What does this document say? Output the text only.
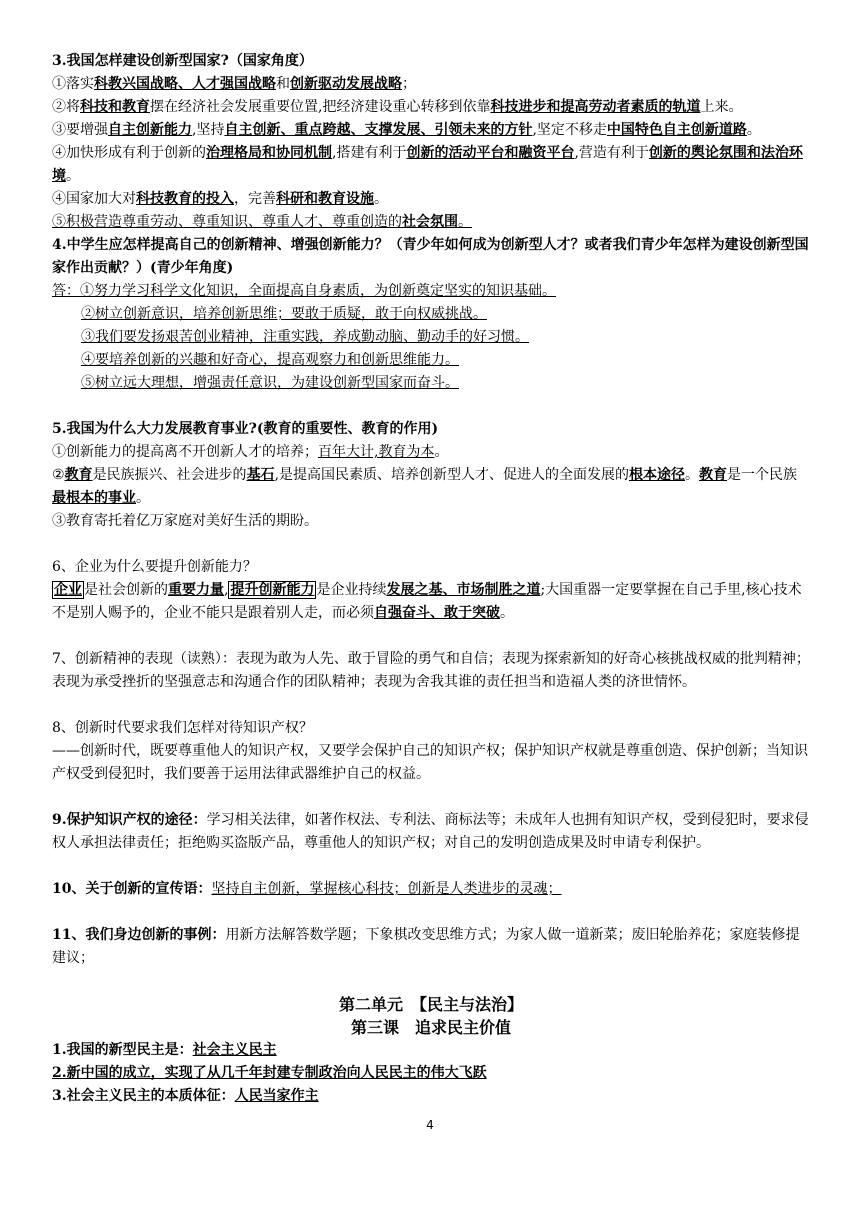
3.我国怎样建设创新型国家?（国家角度）

①落实科教兴国战略、人才强国战略和创新驱动发展战略；

②将科技和教育摆在经济社会发展重要位置,把经济建设重心转移到依靠科技进步和提高劳动者素质的轨道上来。

③要增强自主创新能力,坚持自主创新、重点跨越、支撑发展、引领未来的方针,坚定不移走中国特色自主创新道路。

④加快形成有利于创新的治理格局和协同机制,搭建有利于创新的活动平台和融资平台,营造有利于创新的舆论氛围和法治环境。

④国家加大对科技教育的投入，完善科研和教育设施。

⑤积极营造尊重劳动、尊重知识、尊重人才、尊重创造的社会氛围。

4.中学生应怎样提高自己的创新精神、增强创新能力？（青少年如何成为创新型人才？或者我们青少年怎样为建设创新型国家作出贡献？）(青少年角度)

答：①努力学习科学文化知识，全面提高自身素质，为创新奠定坚实的知识基础。

②树立创新意识，培养创新思维；要敢于质疑，敢于向权威挑战。

③我们要发扬艰苦创业精神，注重实践，养成勤动脑、勤动手的好习惯。

④要培养创新的兴趣和好奇心，提高观察力和创新思维能力。

⑤树立远大理想，增强责任意识，为建设创新型国家而奋斗。

5.我国为什么大力发展教育事业?(教育的重要性、教育的作用)

①创新能力的提高离不开创新人才的培养；百年大计,教育为本。

②教育是民族振兴、社会进步的基石,是提高国民素质、培养创新型人才、促进人的全面发展的根本途径。教育是一个民族最根本的事业。

③教育寄托着亿万家庭对美好生活的期盼。

6、企业为什么要提升创新能力？

企业 是社会创新的重要力量, 提升创新能力 是企业持续发展之基、市场制胜之道;大国重器一定要掌握在自己手里,核心技术不是别人赐予的，企业不能只是跟着别人走，而必须自强奋斗、敢于突破。

7、创新精神的表现（读熟）：表现为敢为人先、敢于冒险的勇气和自信；表现为探索新知的好奇心核挑战权威的批判精神；表现为承受挫折的坚强意志和沟通合作的团队精神；表现为舍我其谁的责任担当和造福人类的济世情怀。

8、创新时代要求我们怎样对待知识产权？

——创新时代，既要尊重他人的知识产权，又要学会保护自己的知识产权；保护知识产权就是尊重创造、保护创新；当知识产权受到侵犯时，我们要善于运用法律武器维护自己的权益。

9.保护知识产权的途径：学习相关法律，如著作权法、专利法、商标法等；未成年人也拥有知识产权，受到侵犯时，要求侵权人承担法律责任；拒绝购买盗版产品，尊重他人的知识产权；对自己的发明创造成果及时申请专利保护。

10、关于创新的宣传语：坚持自主创新，掌握核心科技；创新是人类进步的灵魂；

11、我们身边创新的事例：用新方法解答数学题；下象棋改变思维方式；为家人做一道新菜；废旧轮胎养花；家庭装修提建议；

第二单元　【民主与法治】

第三课　追求民主价值

1.我国的新型民主是：社会主义民主

2.新中国的成立，实现了从几千年封建专制政治向人民民主的伟大飞跃

3.社会主义民主的本质体征：人民当家作主

4
